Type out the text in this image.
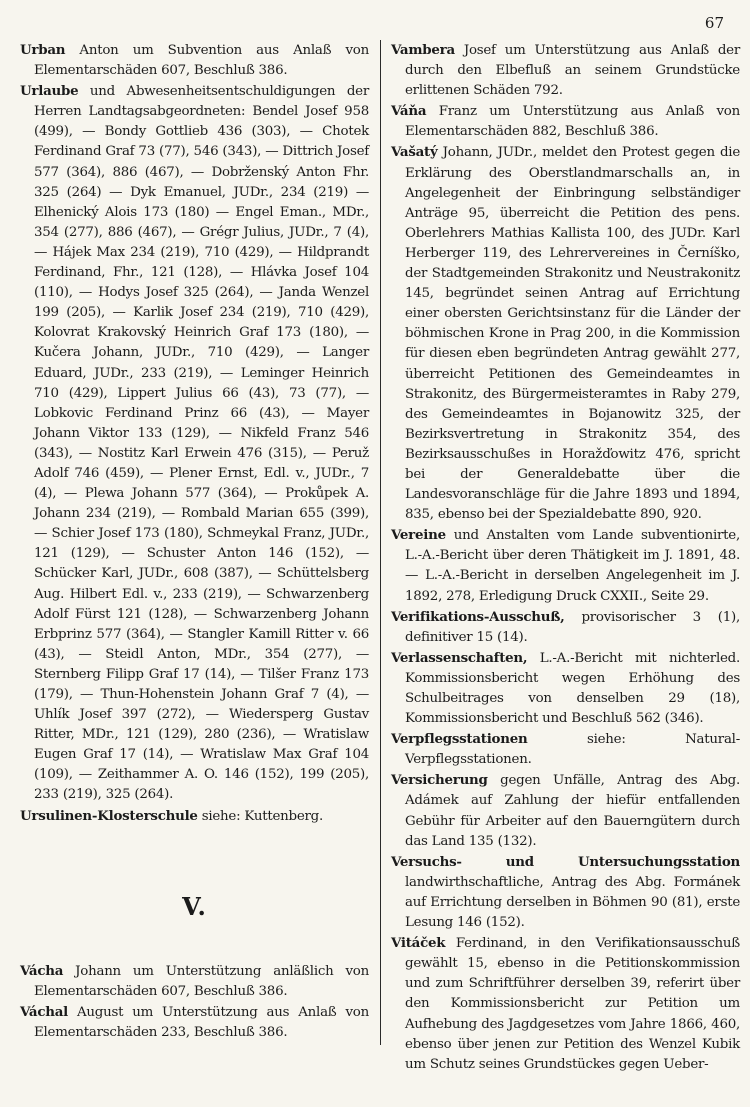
67

Urban Anton um Subvention aus Anlaß von Elementarschäden 607, Beschluß 386.

Urlaube und Abwesenheitsentschuldigungen der Herren Landtagsabgeordneten: Bendel Josef 958 (499), — Bondy Gottlieb 436 (303), — Chotek Ferdinand Graf 73 (77), 546 (343), — Dittrich Josef 577 (364), 886 (467), — Dobrženský Anton Fhr. 325 (264) — Dyk Emanuel, JUDr., 234 (219) — Elhenický Alois 173 (180) — Engel Eman., MDr., 354 (277), 886 (467), — Grégr Julius, JUDr., 7 (4), — Hájek Max 234 (219), 710 (429), — Hildprandt Ferdinand, Fhr., 121 (128), — Hlávka Josef 104 (110), — Hodys Josef 325 (264), — Janda Wenzel 199 (205), — Karlik Josef 234 (219), 710 (429), Kolovrat Krakovský Heinrich Graf 173 (180), — Kučera Johann, JUDr., 710 (429), — Langer Eduard, JUDr., 233 (219), — Leminger Heinrich 710 (429), Lippert Julius 66 (43), 73 (77), — Lobkovic Ferdinand Prinz 66 (43), — Mayer Johann Viktor 133 (129), — Nikfeld Franz 546 (343), — Nostitz Karl Erwein 476 (315), — Peruž Adolf 746 (459), — Plener Ernst, Edl. v., JUDr., 7 (4), — Plewa Johann 577 (364), — Prokůpek A. Johann 234 (219), — Rombald Marian 655 (399), — Schier Josef 173 (180), Schmeykal Franz, JUDr., 121 (129), — Schuster Anton 146 (152), — Schücker Karl, JUDr., 608 (387), — Schüttelsberg Aug. Hilbert Edl. v., 233 (219), — Schwarzenberg Adolf Fürst 121 (128), — Schwarzenberg Johann Erbprinz 577 (364), — Stangler Kamill Ritter v. 66 (43), — Steidl Anton, MDr., 354 (277), — Sternberg Filipp Graf 17 (14), — Tilšer Franz 173 (179), — Thun-Hohenstein Johann Graf 7 (4), — Uhlík Josef 397 (272), — Wiedersperg Gustav Ritter, MDr., 121 (129), 280 (236), — Wratislaw Eugen Graf 17 (14), — Wratislaw Max Graf 104 (109), — Zeithammer A. O. 146 (152), 199 (205), 233 (219), 325 (264).

Ursulinen-Klosterschule siehe: Kuttenberg.

V.

Vácha Johann um Unterstützung anläßlich von Elementarschäden 607, Beschluß 386.

Váchal August um Unterstützung aus Anlaß von Elementarschäden 233, Beschluß 386.

Vambera Josef um Unterstützung aus Anlaß der durch den Elbefluß an seinem Grundstücke erlittenen Schäden 792.

Váňa Franz um Unterstützung aus Anlaß von Elementarschäden 882, Beschluß 386.

Vašatý Johann, JUDr., meldet den Protest gegen die Erklärung des Oberstlandmarschalls an, in Angelegenheit der Einbringung selbständiger Anträge 95, überreicht die Petition des pens. Oberlehrers Mathias Kallista 100, des JUDr. Karl Herberger 119, des Lehrervereines in Černíško, der Stadtgemeinden Strakonitz und Neustrakonitz 145, begründet seinen Antrag auf Errichtung einer obersten Gerichtsinstanz für die Länder der böhmischen Krone in Prag 200, in die Kommission für diesen eben begründeten Antrag gewählt 277, überreicht Petitionen des Gemeindeamtes in Strakonitz, des Bürgermeisteramtes in Raby 279, des Gemeindeamtes in Bojanowitz 325, der Bezirksvertretung in Strakonitz 354, des Bezirksausschußes in Horažďowitz 476, spricht bei der Generaldebatte über die Landesvoranschläge für die Jahre 1893 und 1894, 835, ebenso bei der Spezialdebatte 890, 920.

Vereine und Anstalten vom Lande subventionirte, L.-A.-Bericht über deren Thätigkeit im J. 1891, 48. — L.-A.-Bericht in derselben Angelegenheit im J. 1892, 278, Erledigung Druck CXXII., Seite 29.

Verifikations-Ausschuß, provisorischer 3 (1), definitiver 15 (14).

Verlassenschaften, L.-A.-Bericht mit nichterled. Kommissionsbericht wegen Erhöhung des Schulbeitrages von denselben 29 (18), Kommissionsbericht und Beschluß 562 (346).

Verpflegsstationen siehe: Natural-Verpflegsstationen.

Versicherung gegen Unfälle, Antrag des Abg. Adámek auf Zahlung der hiefür entfallenden Gebühr für Arbeiter auf den Bauerngütern durch das Land 135 (132).

Versuchs- und Untersuchungsstation landwirthschaftliche, Antrag des Abg. Formánek auf Errichtung derselben in Böhmen 90 (81), erste Lesung 146 (152).

Vitáček Ferdinand, in den Verifikationsausschuß gewählt 15, ebenso in die Petitionskommission und zum Schriftführer derselben 39, referirt über den Kommissionsbericht zur Petition um Aufhebung des Jagdgesetzes vom Jahre 1866, 460, ebenso über jenen zur Petition des Wenzel Kubik um Schutz seines Grundstückes gegen Ueber-
